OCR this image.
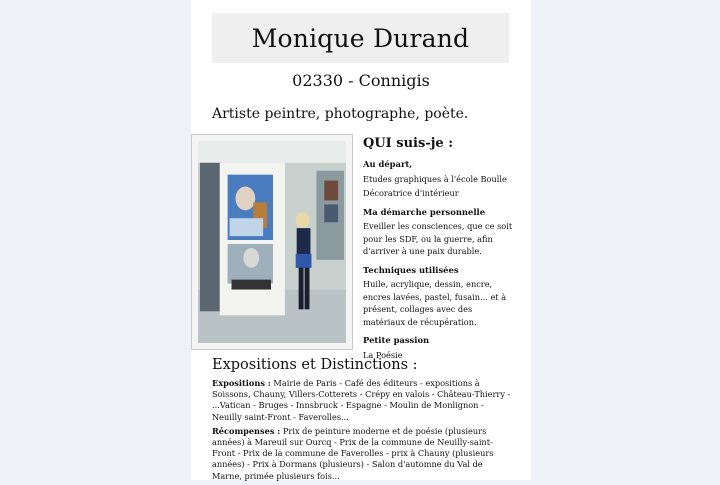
Monique Durand
02330 - Connigis
Artiste peintre, photographe, poète.
QUI suis-je :
Au départ,

Etudes graphiques à l'école Boulle

Décoratrice d'intérieur

Ma démarche personnelle

Eveiller les consciences, que ce soit pour les SDF, ou la guerre, afin d'arriver à une paix durable.

Techniques utilisées

Huile, acrylique, dessin, encre, encres lavées, pastel, fusain... et à présent, collages avec des matériaux de récupération.

Petite passion

La Poésie

Expositions et Distinctions :

Expositions : Mairie de Paris - Café des éditeurs - expositions à Soissons, Chauny, Villers-Cotterets - Crépy en valois - Château-Thierry - ...Vatican - Bruges - Innsbruck - Espagne - Moulin de Monlignon - Neuilly saint-Front - Faverolles...

Récompenses : Prix de peinture moderne et de poésie (plusieurs années) à Mareuil sur Ourcq - Prix de la commune de Neuilly-saint-Front - Prix de la commune de Faverolles - prix à Chauny (plusieurs années) - Prix à Dormans (plusieurs) - Salon d'automne du Val de Marne, primée plusieurs fois...
